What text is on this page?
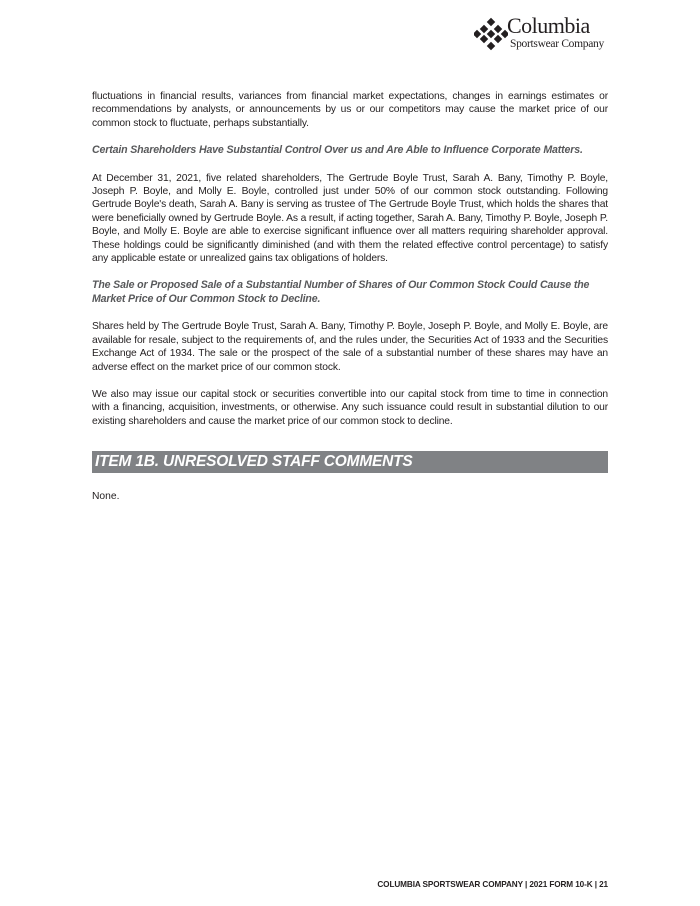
Columbia
Sportswear Company

fluctuations in financial results, variances from financial market expectations, changes in earnings estimates or recommendations by analysts, or announcements by us or our competitors may cause the market price of our common stock to fluctuate, perhaps substantially.

Certain Shareholders Have Substantial Control Over us and Are Able to Influence Corporate Matters.

At December 31, 2021, five related shareholders, The Gertrude Boyle Trust, Sarah A. Bany, Timothy P. Boyle, Joseph P. Boyle, and Molly E. Boyle, controlled just under 50% of our common stock outstanding. Following Gertrude Boyle's death, Sarah A. Bany is serving as trustee of The Gertrude Boyle Trust, which holds the shares that were beneficially owned by Gertrude Boyle. As a result, if acting together, Sarah A. Bany, Timothy P. Boyle, Joseph P. Boyle, and Molly E. Boyle are able to exercise significant influence over all matters requiring shareholder approval. These holdings could be significantly diminished (and with them the related effective control percentage) to satisfy any applicable estate or unrealized gains tax obligations of holders.

The Sale or Proposed Sale of a Substantial Number of Shares of Our Common Stock Could Cause the Market Price of Our Common Stock to Decline.

Shares held by The Gertrude Boyle Trust, Sarah A. Bany, Timothy P. Boyle, Joseph P. Boyle, and Molly E. Boyle, are available for resale, subject to the requirements of, and the rules under, the Securities Act of 1933 and the Securities Exchange Act of 1934. The sale or the prospect of the sale of a substantial number of these shares may have an adverse effect on the market price of our common stock.

We also may issue our capital stock or securities convertible into our capital stock from time to time in connection with a financing, acquisition, investments, or otherwise. Any such issuance could result in substantial dilution to our existing shareholders and cause the market price of our common stock to decline.

ITEM 1B. UNRESOLVED STAFF COMMENTS
None.
COLUMBIA SPORTSWEAR COMPANY | 2021 FORM 10-K | 21
